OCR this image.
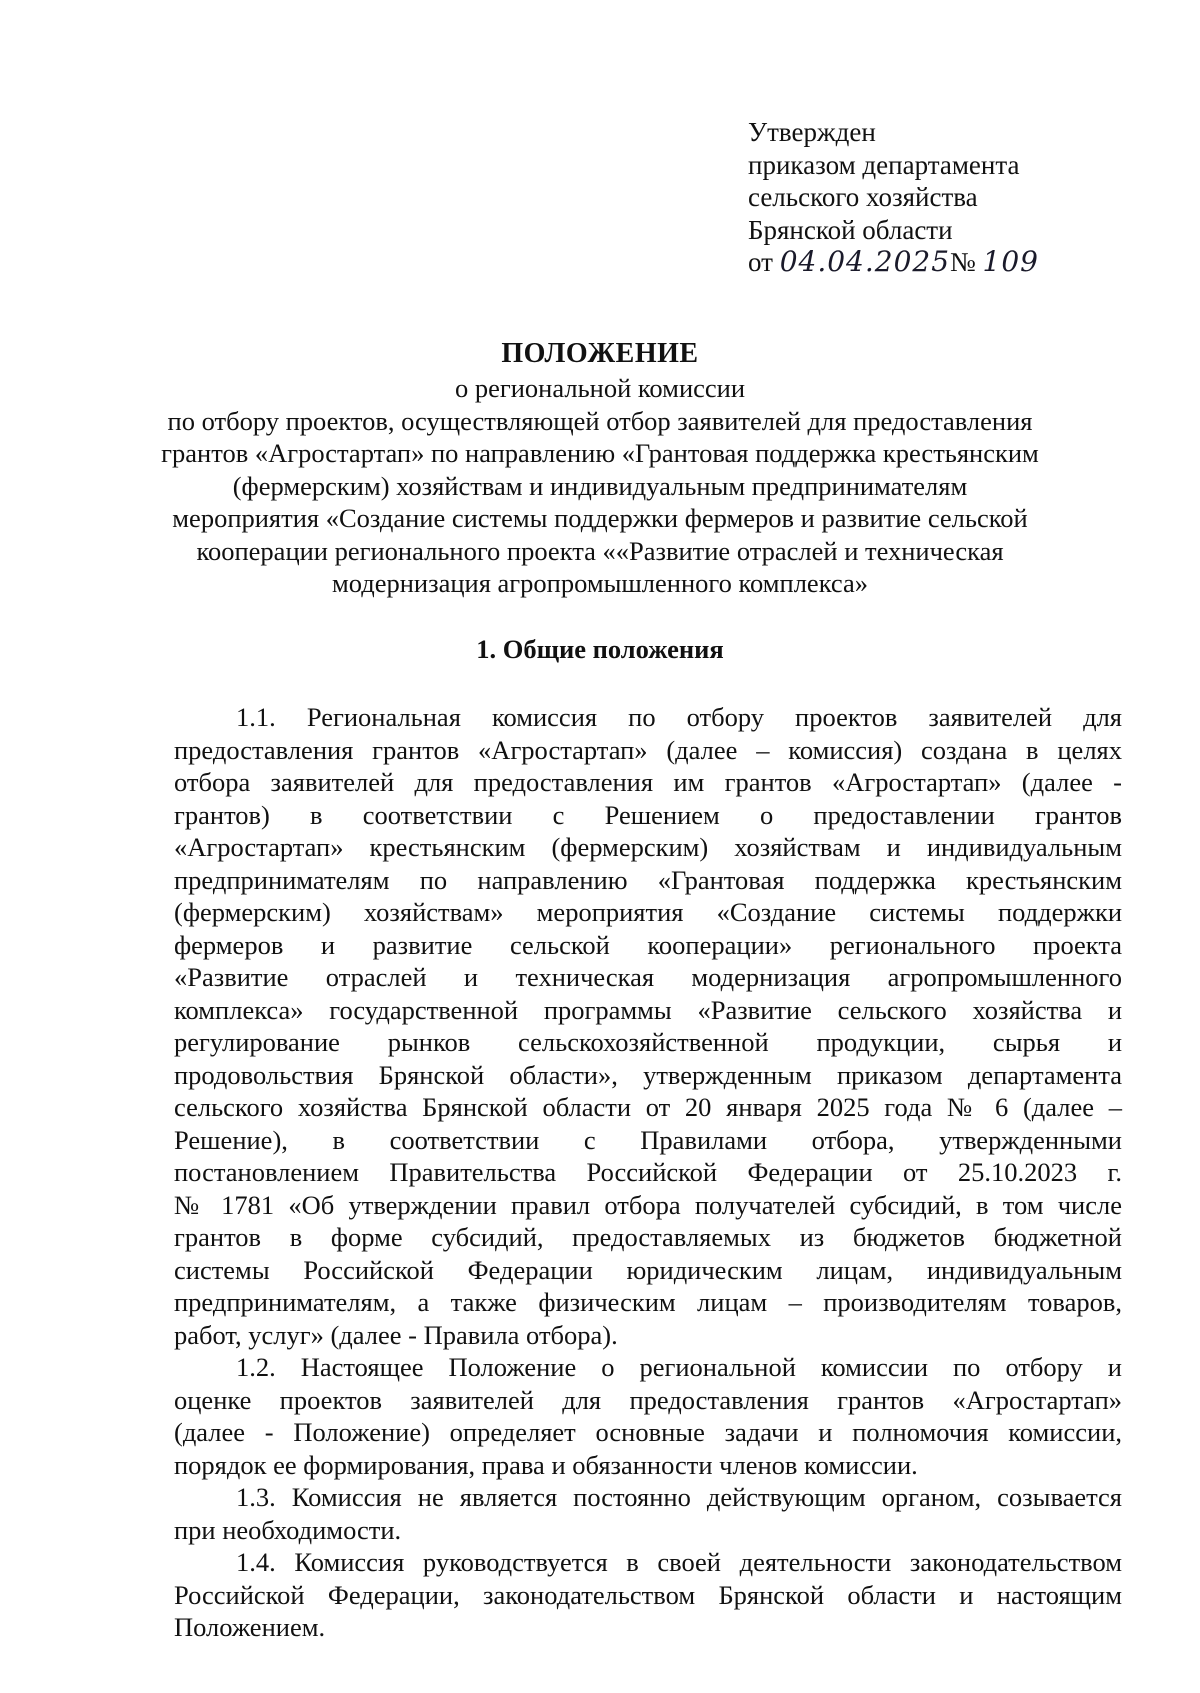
Утвержден
приказом департамента
сельского хозяйства
Брянской области
от 04.04.2025№ 109
ПОЛОЖЕНИЕ
о региональной комиссии
по отбору проектов, осуществляющей отбор заявителей для предоставления
грантов «Агростартап» по направлению «Грантовая поддержка крестьянским
(фермерским) хозяйствам и индивидуальным предпринимателям
мероприятия «Создание системы поддержки фермеров и развитие сельской
кооперации регионального проекта ««Развитие отраслей и техническая
модернизация агропромышленного комплекса»
1. Общие положения
1.1. Региональная комиссия по отбору проектов заявителей для
предоставления грантов «Агростартап» (далее – комиссия) создана в целях
отбора заявителей для предоставления им грантов «Агростартап» (далее -
грантов) в соответствии с Решением о предоставлении грантов
«Агростартап» крестьянским (фермерским) хозяйствам и индивидуальным
предпринимателям по направлению «Грантовая поддержка крестьянским
(фермерским) хозяйствам» мероприятия «Создание системы поддержки
фермеров и развитие сельской кооперации» регионального проекта
«Развитие отраслей и техническая модернизация агропромышленного
комплекса» государственной программы «Развитие сельского хозяйства и
регулирование рынков сельскохозяйственной продукции, сырья и
продовольствия Брянской области», утвержденным приказом департамента
сельского хозяйства Брянской области от 20 января 2025 года № 6 (далее –
Решение), в соответствии с Правилами отбора, утвержденными
постановлением Правительства Российской Федерации от 25.10.2023 г.
№ 1781 «Об утверждении правил отбора получателей субсидий, в том числе
грантов в форме субсидий, предоставляемых из бюджетов бюджетной
системы Российской Федерации юридическим лицам, индивидуальным
предпринимателям, а также физическим лицам – производителям товаров,
работ, услуг» (далее - Правила отбора).
1.2. Настоящее Положение о региональной комиссии по отбору и
оценке проектов заявителей для предоставления грантов «Агростартап»
(далее - Положение) определяет основные задачи и полномочия комиссии,
порядок ее формирования, права и обязанности членов комиссии.
1.3. Комиссия не является постоянно действующим органом, созывается
при необходимости.
1.4. Комиссия руководствуется в своей деятельности законодательством
Российской Федерации, законодательством Брянской области и настоящим
Положением.
